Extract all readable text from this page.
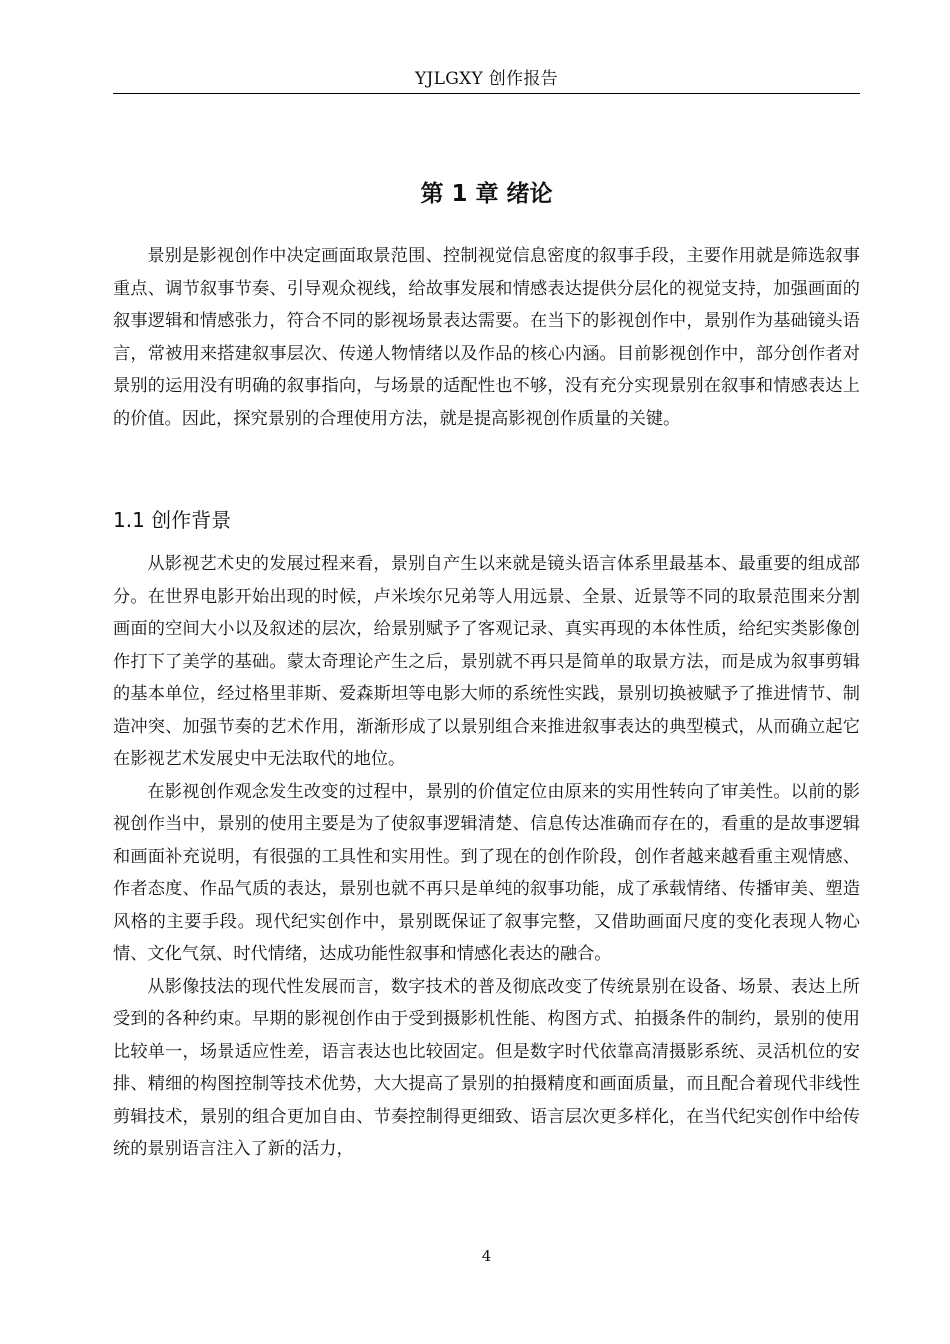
YJLGXY 创作报告
第 1 章 绪论

景别是影视创作中决定画面取景范围、控制视觉信息密度的叙事手段，主要作用就是筛选叙事重点、调节叙事节奏、引导观众视线，给故事发展和情感表达提供分层化的视觉支持，加强画面的叙事逻辑和情感张力，符合不同的影视场景表达需要。在当下的影视创作中，景别作为基础镜头语言，常被用来搭建叙事层次、传递人物情绪以及作品的核心内涵。目前影视创作中，部分创作者对景别的运用没有明确的叙事指向，与场景的适配性也不够，没有充分实现景别在叙事和情感表达上的价值。因此，探究景别的合理使用方法，就是提高影视创作质量的关键。

1.1 创作背景

从影视艺术史的发展过程来看，景别自产生以来就是镜头语言体系里最基本、最重要的组成部分。在世界电影开始出现的时候，卢米埃尔兄弟等人用远景、全景、近景等不同的取景范围来分割画面的空间大小以及叙述的层次，给景别赋予了客观记录、真实再现的本体性质，给纪实类影像创作打下了美学的基础。蒙太奇理论产生之后，景别就不再只是简单的取景方法，而是成为叙事剪辑的基本单位，经过格里菲斯、爱森斯坦等电影大师的系统性实践，景别切换被赋予了推进情节、制造冲突、加强节奏的艺术作用，渐渐形成了以景别组合来推进叙事表达的典型模式，从而确立起它在影视艺术发展史中无法取代的地位。

在影视创作观念发生改变的过程中，景别的价值定位由原来的实用性转向了审美性。以前的影视创作当中，景别的使用主要是为了使叙事逻辑清楚、信息传达准确而存在的，看重的是故事逻辑和画面补充说明，有很强的工具性和实用性。到了现在的创作阶段，创作者越来越看重主观情感、作者态度、作品气质的表达，景别也就不再只是单纯的叙事功能，成了承载情绪、传播审美、塑造风格的主要手段。现代纪实创作中，景别既保证了叙事完整，又借助画面尺度的变化表现人物心情、文化气氛、时代情绪，达成功能性叙事和情感化表达的融合。

从影像技法的现代性发展而言，数字技术的普及彻底改变了传统景别在设备、场景、表达上所受到的各种约束。早期的影视创作由于受到摄影机性能、构图方式、拍摄条件的制约，景别的使用比较单一，场景适应性差，语言表达也比较固定。但是数字时代依靠高清摄影系统、灵活机位的安排、精细的构图控制等技术优势，大大提高了景别的拍摄精度和画面质量，而且配合着现代非线性剪辑技术，景别的组合更加自由、节奏控制得更细致、语言层次更多样化，在当代纪实创作中给传统的景别语言注入了新的活力，

4
